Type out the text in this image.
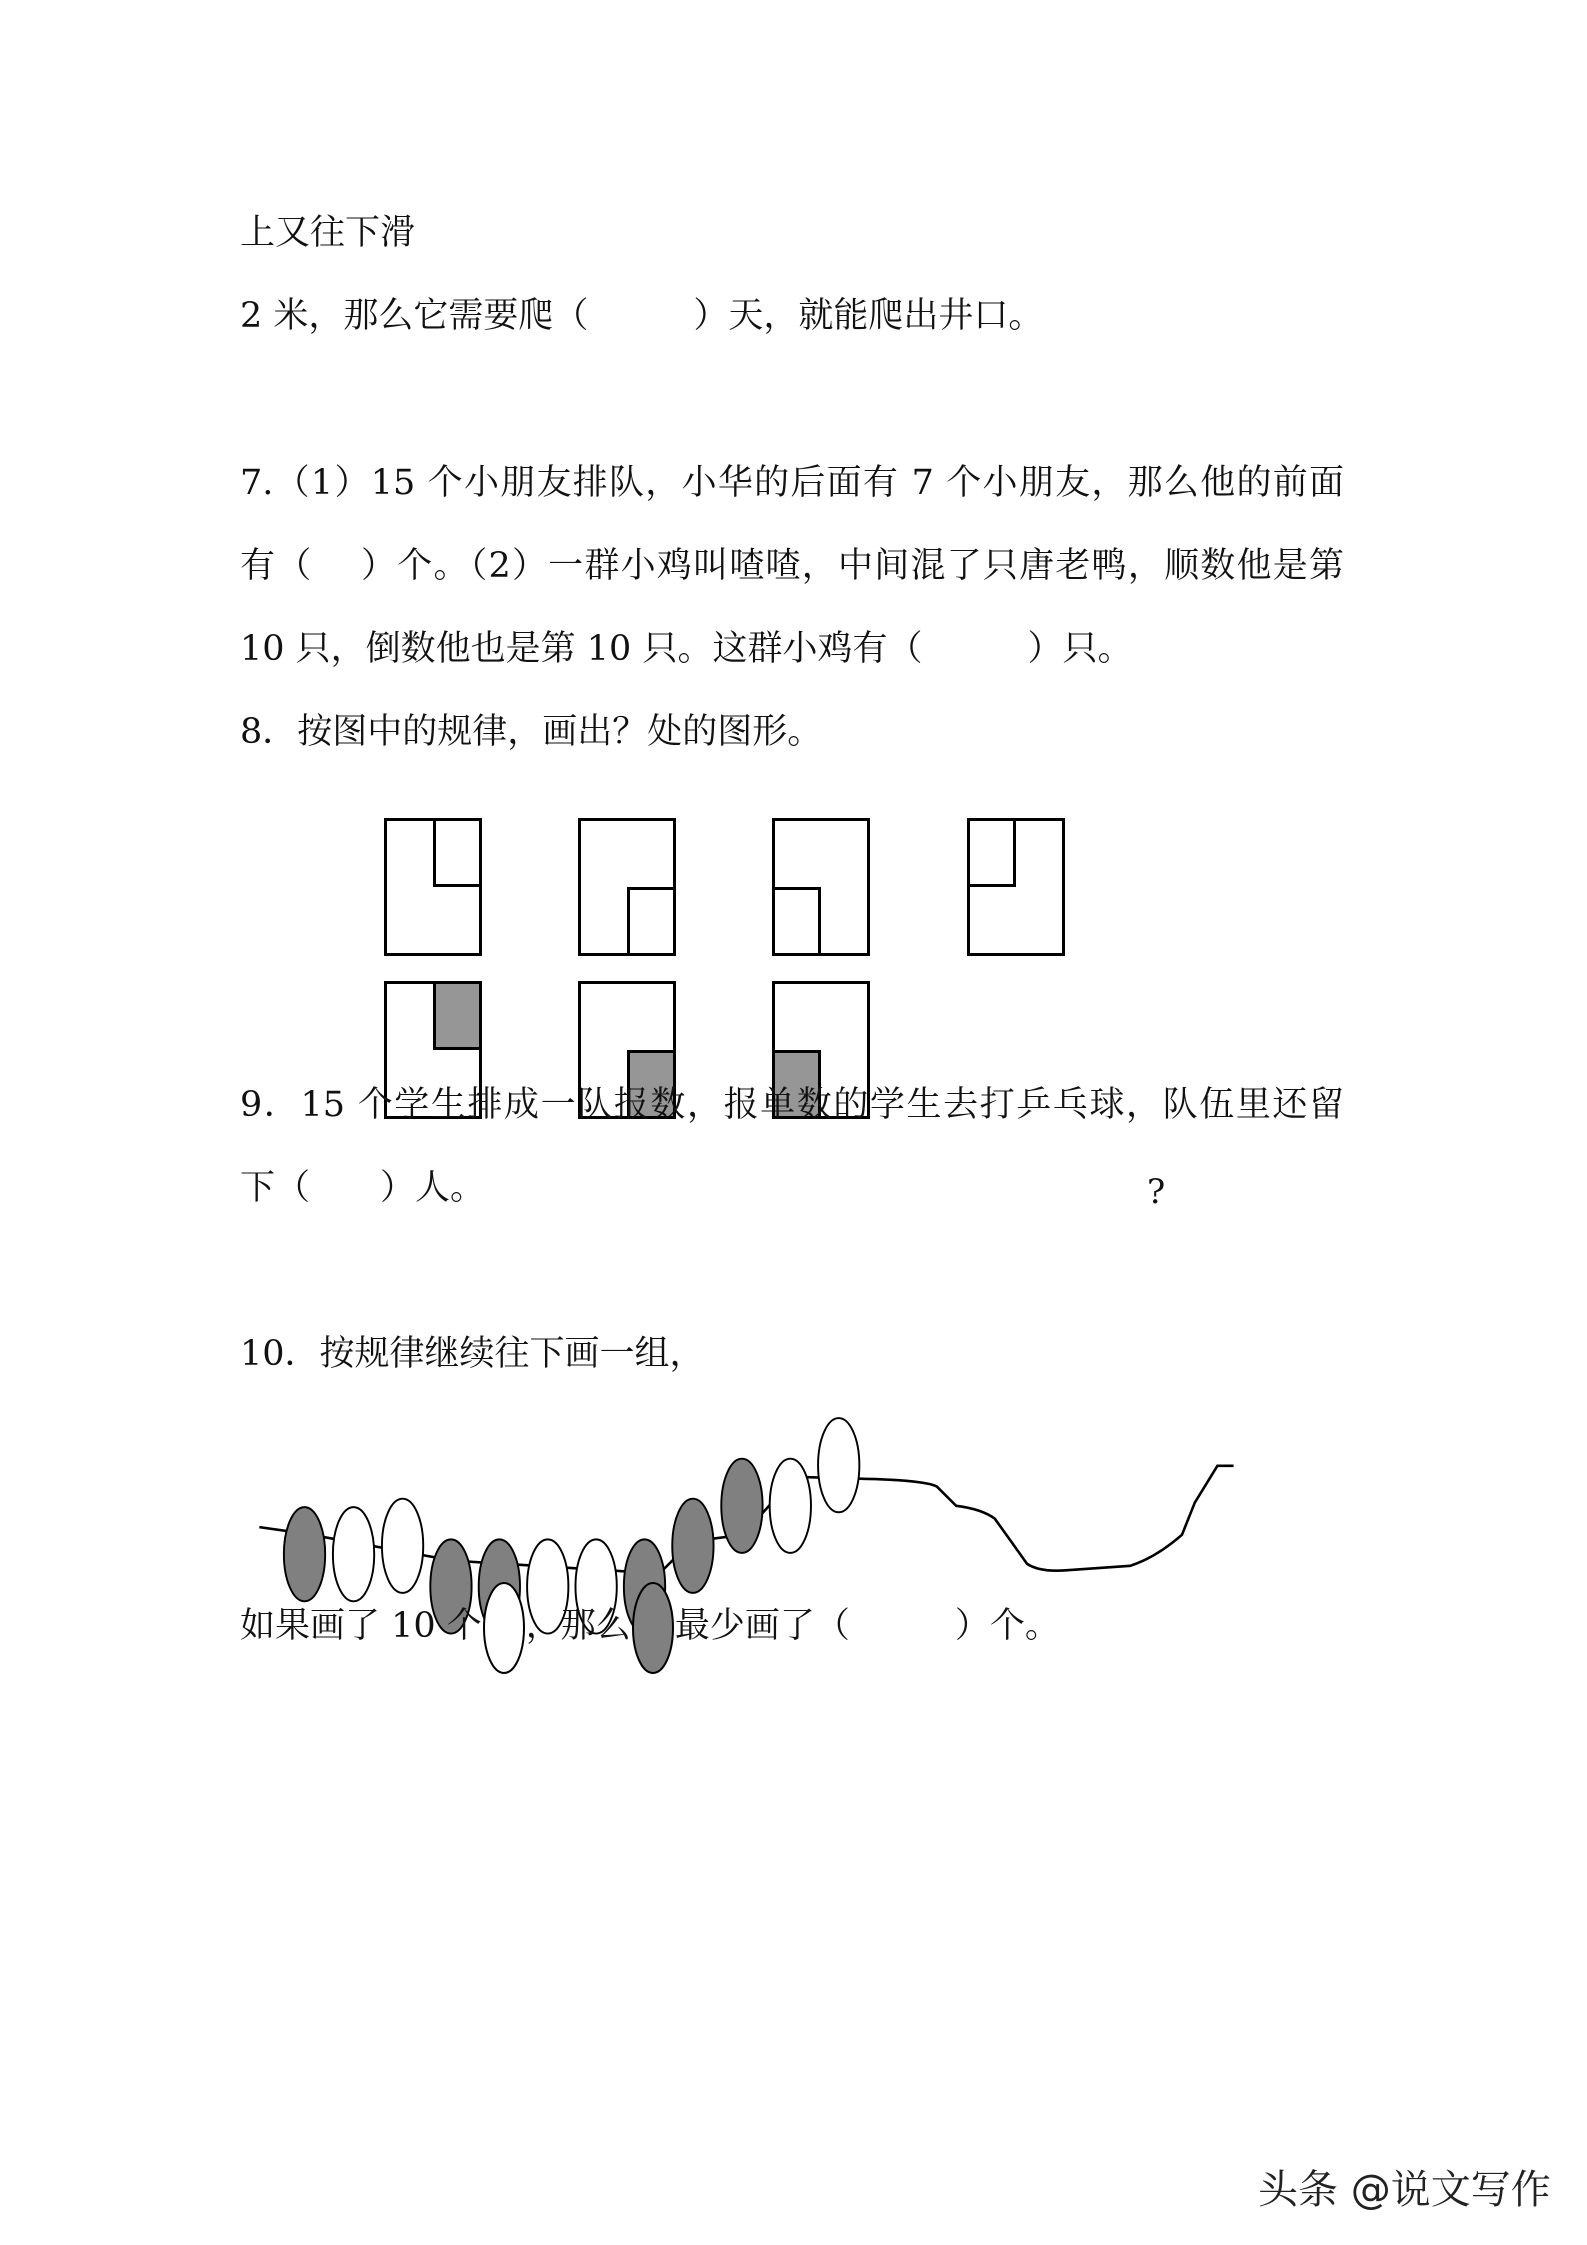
上又往下滑
2 米，那么它需要爬（　　　）天，就能爬出井口。
7.（1）15 个小朋友排队，小华的后面有 7 个小朋友，那么他的前面
有（　 ）个。（2）一群小鸡叫喳喳，中间混了只唐老鸭，顺数他是第
10 只，倒数他也是第 10 只。这群小鸡有（　　　）只。
8．按图中的规律，画出？处的图形。
?
9．15 个学生排成一队报数，报单数的学生去打乒乓球，队伍里还留
下（　　）人。
10．按规律继续往下画一组，
如果画了 10 个 ，那么 最少画了（　　　）个。
头条 @说文写作
